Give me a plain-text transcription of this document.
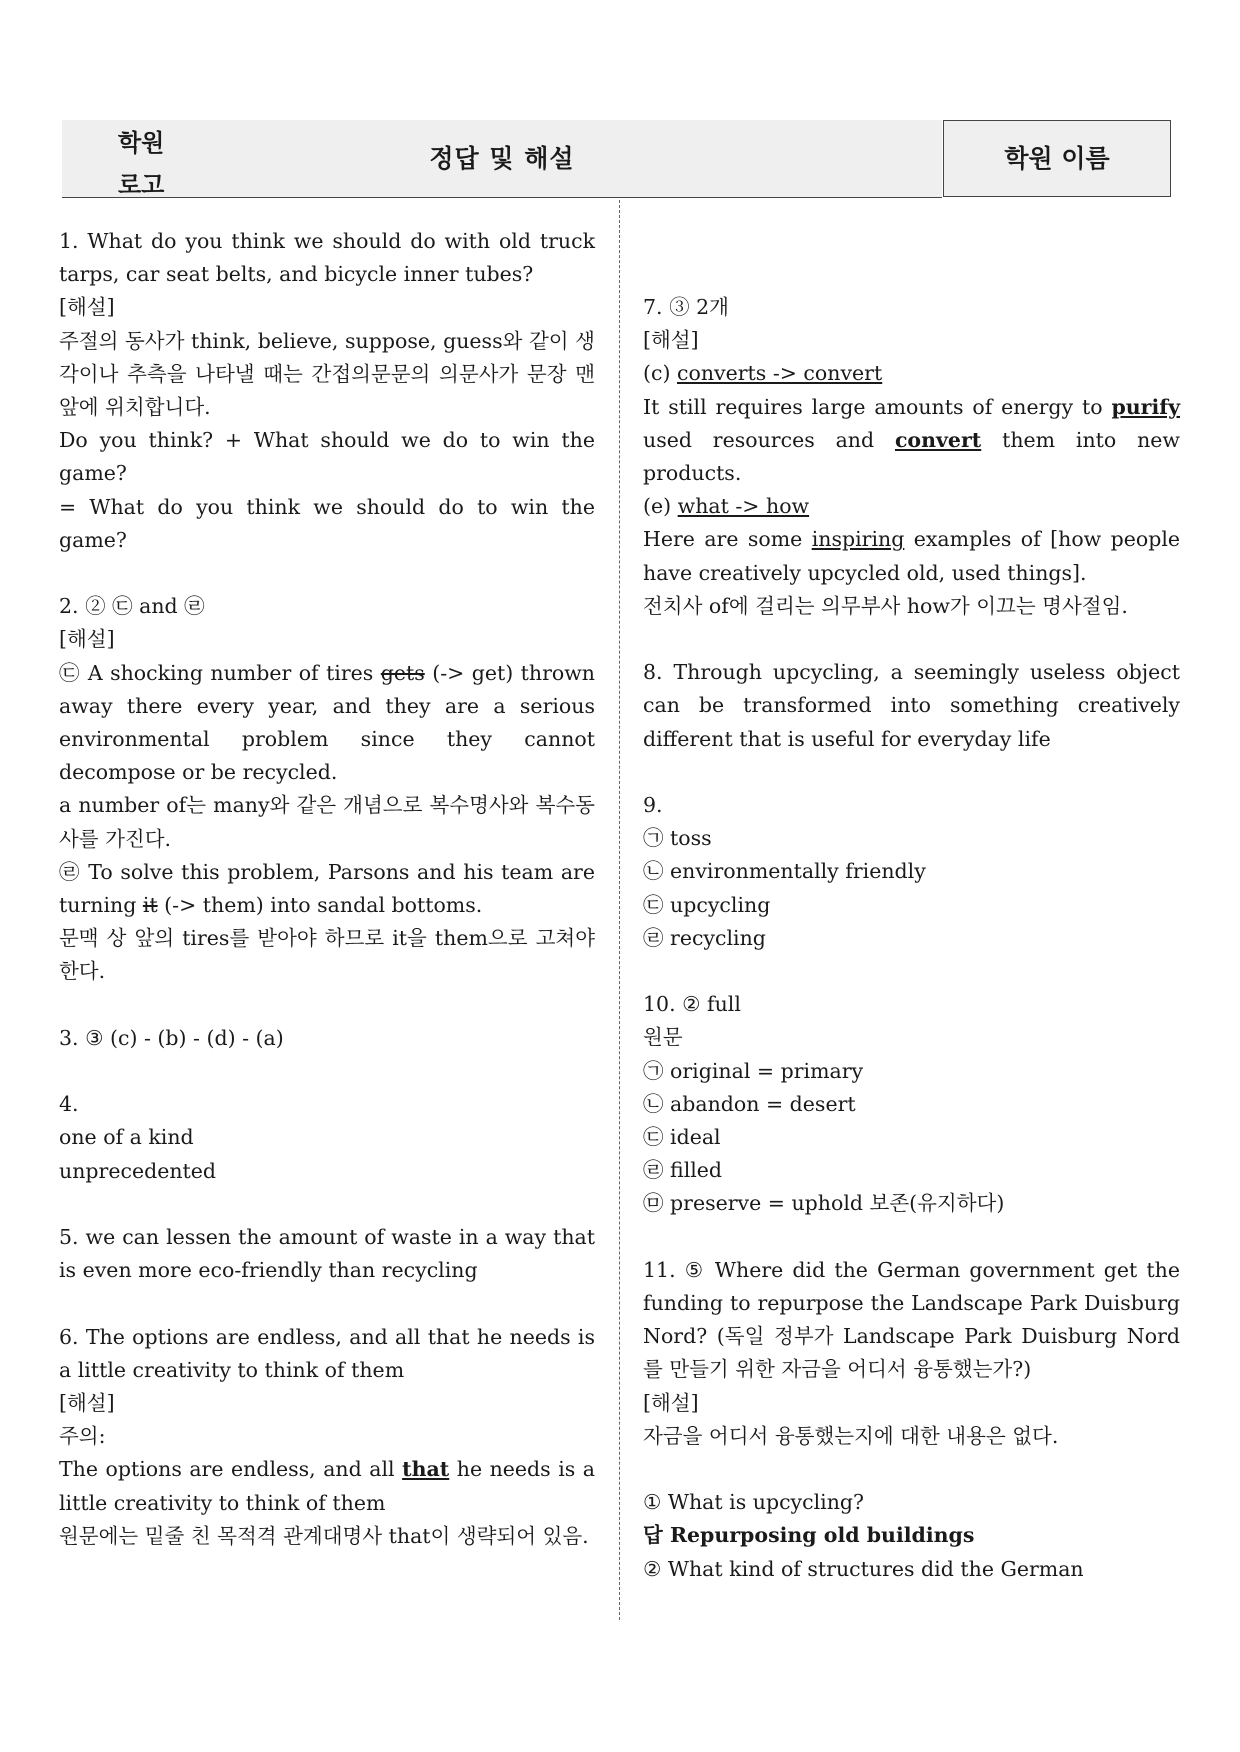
학원
로고
정답 및 해설	학원 이름

1. What do you think we should do with old truck tarps, car seat belts, and bicycle inner tubes?

[해설]

주절의 동사가 think, believe, suppose, guess와 같이 생각이나 추측을 나타낼 때는 간접의문문의 의문사가 문장 맨 앞에 위치합니다.

Do you think? + What should we do to win the game?

= What do you think we should do to win the game?

2. ② ㉢ and ㉣

[해설]

㉢ A shocking number of tires gets (-> get) thrown away there every year, and they are a serious environmental problem since they cannot decompose or be recycled.

a number of는 many와 같은 개념으로 복수명사와 복수동사를 가진다.

㉣ To solve this problem, Parsons and his team are turning it (-> them) into sandal bottoms.

문맥 상 앞의 tires를 받아야 하므로 it을 them으로 고쳐야 한다.

3. ③ (c) - (b) - (d) - (a)

4.

one of a kind

unprecedented

5. we can lessen the amount of waste in a way that is even more eco-friendly than recycling

6. The options are endless, and all that he needs is a little creativity to think of them

[해설]

주의:

The options are endless, and all that he needs is a little creativity to think of them

원문에는 밑줄 친 목적격 관계대명사 that이 생략되어 있음.

7. ③ 2개

[해설]

(c) converts -> convert

It still requires large amounts of energy to purify used resources and convert them into new products.

(e) what -> how

Here are some inspiring examples of [how people have creatively upcycled old, used things].

전치사 of에 걸리는 의무부사 how가 이끄는 명사절임.

8. Through upcycling, a seemingly useless object can be transformed into something creatively different that is useful for everyday life

9.

㉠ toss

㉡ environmentally friendly

㉢ upcycling

㉣ recycling

10. ② full

원문

㉠ original = primary

㉡ abandon = desert

㉢ ideal

㉣ filled

㉤ preserve = uphold 보존(유지하다)

11. ⑤ Where did the German government get the funding to repurpose the Landscape Park Duisburg Nord? (독일 정부가 Landscape Park Duisburg Nord를 만들기 위한 자금을 어디서 융통했는가?)

[해설]

자금을 어디서 융통했는지에 대한 내용은 없다.

① What is upcycling?

답 Repurposing old buildings

② What kind of structures did the German
